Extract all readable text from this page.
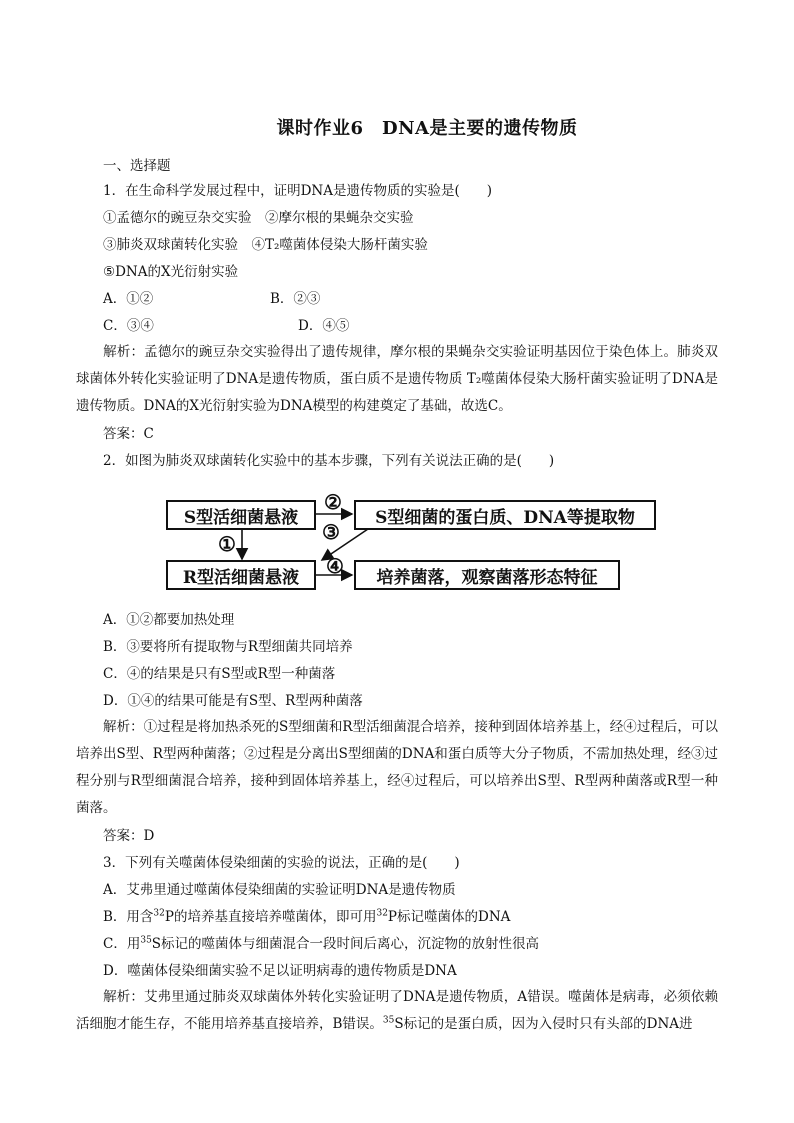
课时作业6　DNA是主要的遗传物质
一、选择题
1．在生命科学发展过程中，证明DNA是遗传物质的实验是(　　)
①孟德尔的豌豆杂交实验　②摩尔根的果蝇杂交实验
③肺炎双球菌转化实验　④T₂噬菌体侵染大肠杆菌实验
⑤DNA的X光衍射实验
A．①②	B．②③
C．③④	D．④⑤
解析：孟德尔的豌豆杂交实验得出了遗传规律，摩尔根的果蝇杂交实验证明基因位于染色体上。肺炎双球菌体外转化实验证明了DNA是遗传物质，蛋白质不是遗传物质 T₂噬菌体侵染大肠杆菌实验证明了DNA是遗传物质。DNA的X光衍射实验为DNA模型的构建奠定了基础，故选C。
答案：C
2．如图为肺炎双球菌转化实验中的基本步骤，下列有关说法正确的是(　　)
S型活细菌悬液	S型细菌的蛋白质、DNA等提取物
R型活细菌悬液	培养菌落，观察菌落形态特征
②
①	③
④
A．①②都要加热处理
B．③要将所有提取物与R型细菌共同培养
C．④的结果是只有S型或R型一种菌落
D．①④的结果可能是有S型、R型两种菌落
解析：①过程是将加热杀死的S型细菌和R型活细菌混合培养，接种到固体培养基上，经④过程后，可以培养出S型、R型两种菌落；②过程是分离出S型细菌的DNA和蛋白质等大分子物质，不需加热处理，经③过程分别与R型细菌混合培养，接种到固体培养基上，经④过程后，可以培养出S型、R型两种菌落或R型一种菌落。
答案：D
3．下列有关噬菌体侵染细菌的实验的说法，正确的是(　　)
A．艾弗里通过噬菌体侵染细菌的实验证明DNA是遗传物质
B．用含$^{32}$P的培养基直接培养噬菌体，即可用$^{32}$P标记噬菌体的DNA
C．用$^{35}$S标记的噬菌体与细菌混合一段时间后离心，沉淀物的放射性很高
D．噬菌体侵染细菌实验不足以证明病毒的遗传物质是DNA
解析：艾弗里通过肺炎双球菌体外转化实验证明了DNA是遗传物质，A错误。噬菌体是病毒，必须依赖活细胞才能生存，不能用培养基直接培养，B错误。$^{35}$S标记的是蛋白质，因为入侵时只有头部的DNA进
